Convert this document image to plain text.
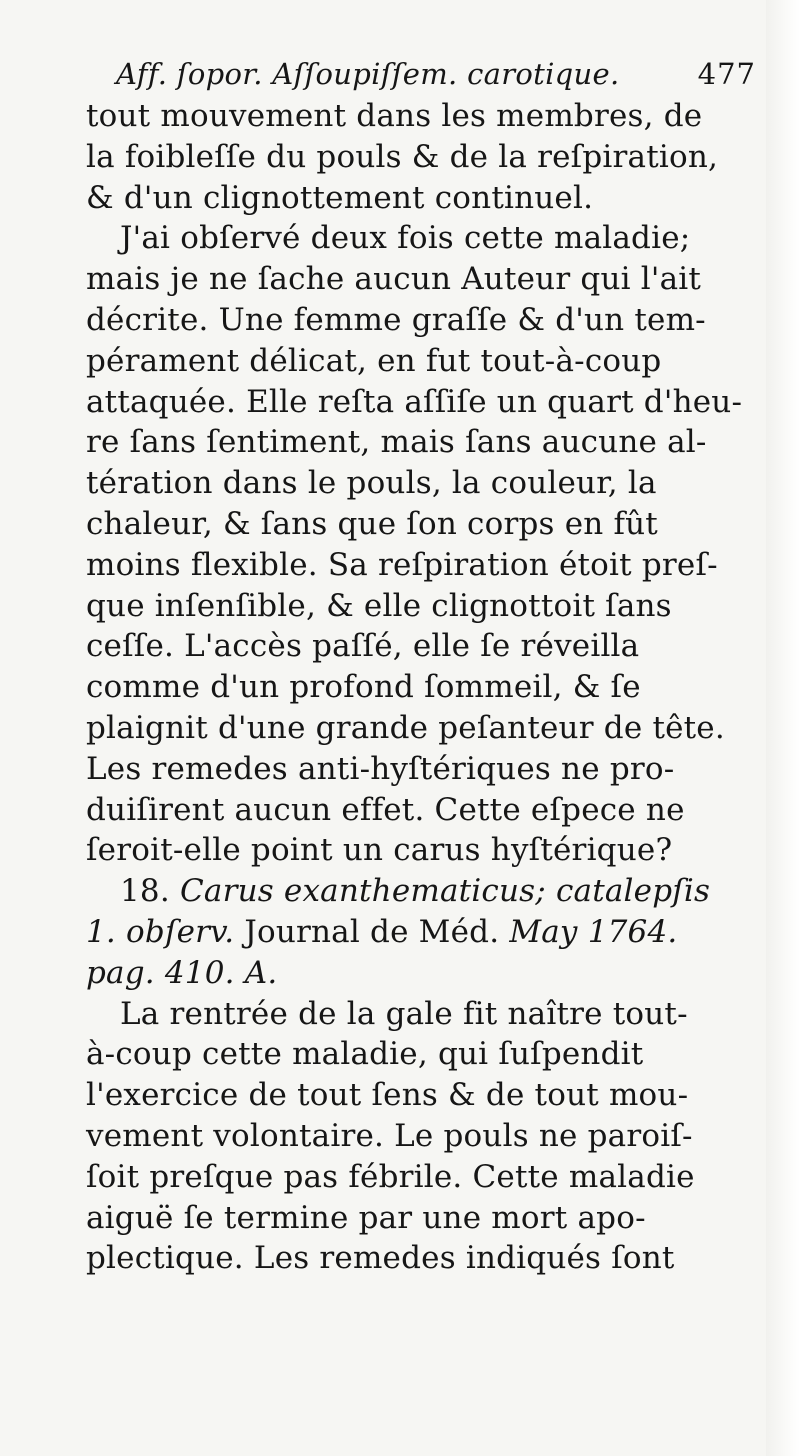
Aff. ſopor. Aſſoupiſſem. carotique.	477
tout mouvement dans les membres, de
la foibleſſe du pouls & de la reſpiration,
& d'un clignottement continuel.
J'ai obſervé deux fois cette maladie;
mais je ne ſache aucun Auteur qui l'ait
décrite. Une femme graſſe & d'un tem-
pérament délicat, en fut tout-à-coup
attaquée. Elle reſta aſſiſe un quart d'heu-
re ſans ſentiment, mais ſans aucune al-
tération dans le pouls, la couleur, la
chaleur, & ſans que ſon corps en fût
moins flexible. Sa reſpiration étoit preſ-
que inſenſible, & elle clignottoit ſans
ceſſe. L'accès paſſé, elle ſe réveilla
comme d'un profond ſommeil, & ſe
plaignit d'une grande peſanteur de tête.
Les remedes anti-hyſtériques ne pro-
duiſirent aucun effet. Cette eſpece ne
ſeroit-elle point un carus hyſtérique?
18. Carus exanthematicus; catalepſis
1. obſerv. Journal de Méd. May 1764.
pag. 410. A.
La rentrée de la gale fit naître tout-
à-coup cette maladie, qui ſuſpendit
l'exercice de tout ſens & de tout mou-
vement volontaire. Le pouls ne paroiſ-
ſoit preſque pas fébrile. Cette maladie
aiguë ſe termine par une mort apo-
plectique. Les remedes indiqués ſont
